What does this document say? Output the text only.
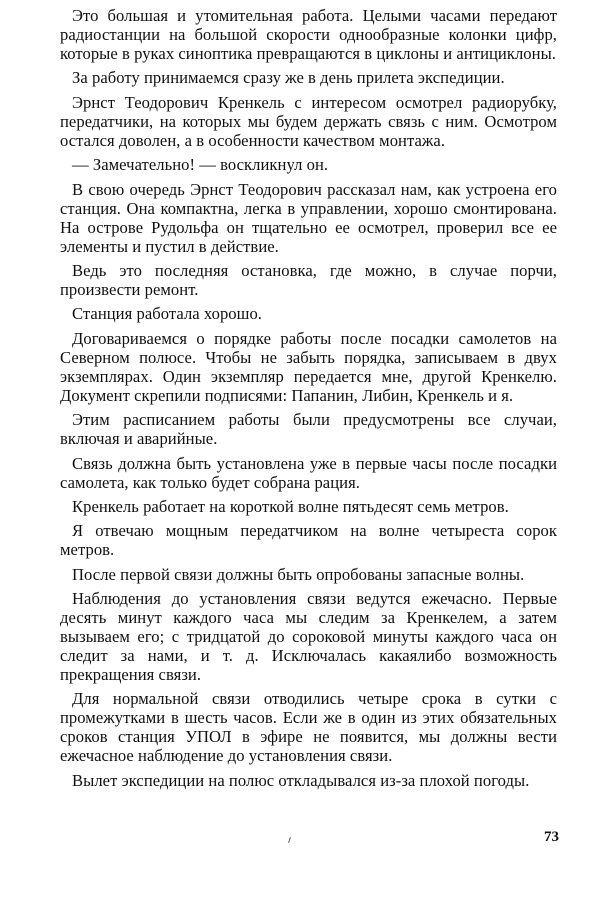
Это большая и утомительная работа. Целыми часами передают радиостанции на большой скорости однообразные колонки цифр, которые в руках синоптика превращаются в циклоны и антициклоны.

За работу принимаемся сразу же в день прилета экспедиции.

Эрнст Теодорович Кренкель с интересом осмотрел радиорубку, передатчики, на которых мы будем держать связь с ним. Осмотром остался доволен, а в особенности качеством монтажа.

— Замечательно! — воскликнул он.

В свою очередь Эрнст Теодорович рассказал нам, как устроена его станция. Она компактна, легка в управлении, хорошо смонтирована. На острове Рудольфа он тщательно ее осмотрел, проверил все ее элементы и пустил в действие.

Ведь это последняя остановка, где можно, в случае порчи, произвести ремонт.

Станция работала хорошо.

Договариваемся о порядке работы после посадки самолетов на Северном полюсе. Чтобы не забыть порядка, записываем в двух экземплярах. Один экземпляр передается мне, другой Кренкелю. Документ скрепили подписями: Папанин, Либин, Кренкель и я.

Этим расписанием работы были предусмотрены все случаи, включая и аварийные.

Связь должна быть установлена уже в первые часы после посадки самолета, как только будет собрана рация.

Кренкель работает на короткой волне пятьдесят семь метров.

Я отвечаю мощным передатчиком на волне четыреста сорок метров.

После первой связи должны быть опробованы запасные волны.

Наблюдения до установления связи ведутся ежечасно. Первые десять минут каждого часа мы следим за Кренкелем, а затем вызываем его; с тридцатой до сороковой минуты каждого часа он следит за нами, и т. д. Исключалась какаялибо возможность прекращения связи.

Для нормальной связи отводились четыре срока в сутки с промежутками в шесть часов. Если же в один из этих обязательных сроков станция УПОЛ в эфире не появится, мы должны вести ежечасное наблюдение до установления связи.

Вылет экспедиции на полюс откладывался из-за плохой погоды.

73
